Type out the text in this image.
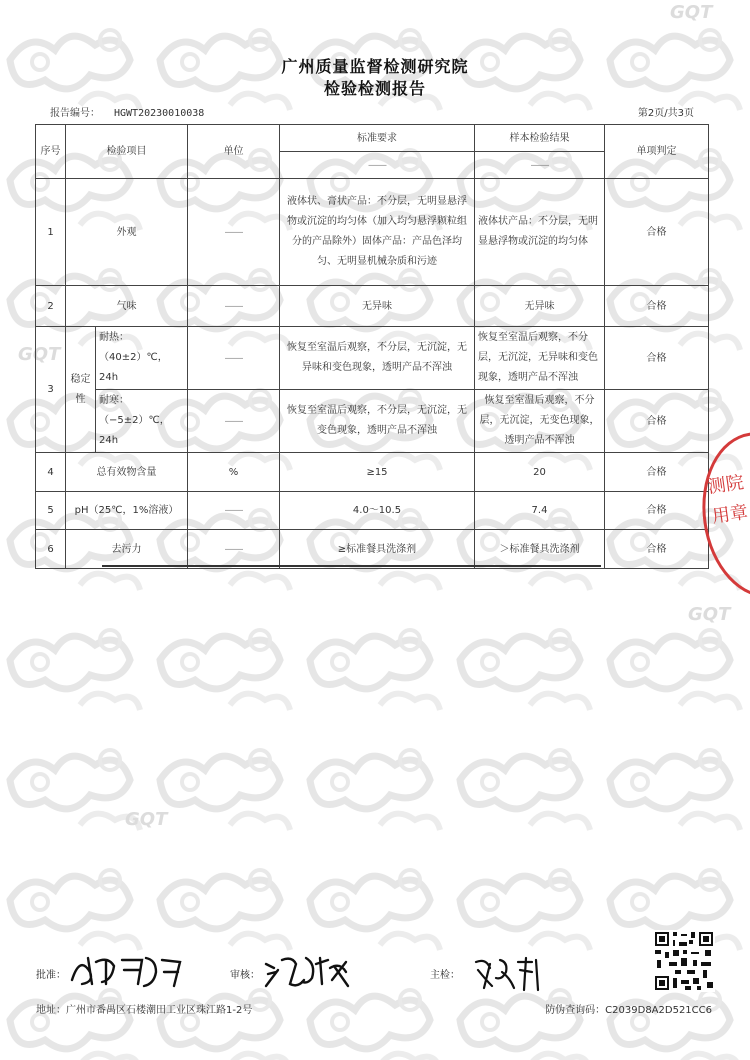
GQT
GQT
GQT
GQT
广州质量监督检测研究院
检验检测报告
报告编号： HGWT20230010038	第2页/共3页
序号	检验项目		单位	标准要求	样本检验结果	单项判定
				——	——	
1	外观		——	液体状、膏状产品：不分层，无明显悬浮物或沉淀的均匀体（加入均匀悬浮颗粒组分的产品除外）固体产品：产品色泽均匀、无明显机械杂质和污迹	液体状产品：不分层，无明显悬浮物或沉淀的均匀体	合格
2	气味		——	无异味	无异味	合格
3	稳定性	耐热：（40±2）℃，24h	——	恢复至室温后观察，不分层，无沉淀，无异味和变色现象，透明产品不浑浊	恢复至室温后观察，不分层，无沉淀，无异味和变色现象，透明产品不浑浊	合格
		耐寒：（−5±2）℃，24h	——	恢复至室温后观察，不分层，无沉淀，无变色现象，透明产品不浑浊	恢复至室温后观察，不分层，无沉淀，无变色现象，透明产品不浑浊	合格
4	总有效物含量		%	≥15	20	合格
5	pH（25℃，1%溶液）		——	4.0～10.5	7.4	合格
6	去污力		——	≥标准餐具洗涤剂	＞标准餐具洗涤剂	合格
测院用章
批准：	审核：	主检：
地址：广州市番禺区石楼潮田工业区珠江路1-2号	防伪查询码：C2039D8A2D521CC6
